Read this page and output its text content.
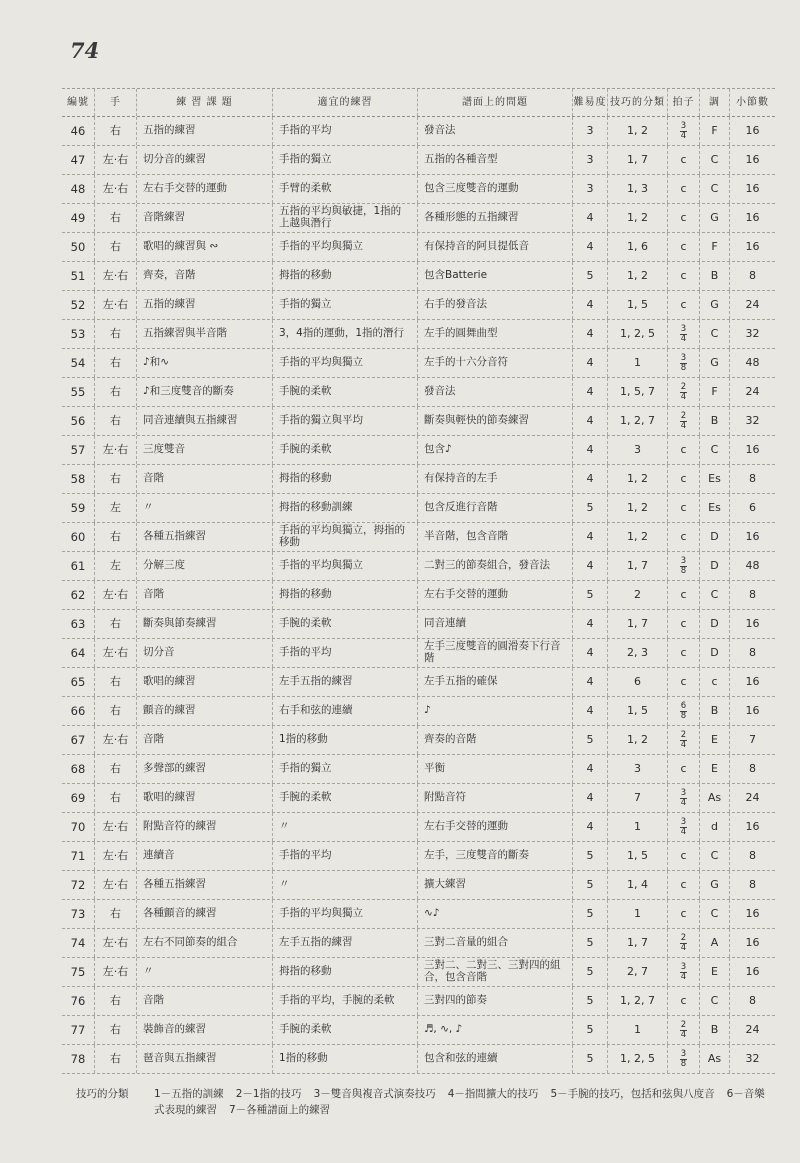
74
編號	手	練 習 課 題	適宜的練習	譜面上的問題	難易度 技巧的分類 拍子	調	小節數
46	右	五指的練習	手指的平均	發音法	3	1, 2	$\frac{3}{4}$	F	16
47	左·右	切分音的練習	手指的獨立	五指的各種音型	3	1, 7	c	C	16
48	左·右	左右手交替的運動	手臂的柔軟	包含三度雙音的運動	3	1, 3	c	C	16
49	右	音階練習	五指的平均與敏捷，1指的上越與潛行	各種形態的五指練習	4	1, 2	c	G	16
50	右	歌唱的練習與 ∾	手指的平均與獨立	有保持音的阿貝提低音	4	1, 6	c	F	16
51	左·右	齊奏，音階	拇指的移動	包含Batterie	5	1, 2	c	B	8
52	左·右	五指的練習	手指的獨立	右手的發音法	4	1, 5	c	G	24
53	右	五指練習與半音階	3，4指的運動，1指的潛行	左手的圓舞曲型	4	1, 2, 5	$\frac{3}{4}$	C	32
54	右	♪和∿	手指的平均與獨立	左手的十六分音符	4	1	$\frac{3}{8}$	G	48
55	右	♪和三度雙音的斷奏	手腕的柔軟	發音法	4	1, 5, 7	$\frac{2}{4}$	F	24
56	右	同音連續與五指練習	手指的獨立與平均	斷奏與輕快的節奏練習	4	1, 2, 7	$\frac{2}{4}$	B	32
57	左·右	三度雙音	手腕的柔軟	包含♪	4	3	c	C	16
58	右	音階	拇指的移動	有保持音的左手	4	1, 2	c	Es	8
59	左	〃	拇指的移動訓練	包含反進行音階	5	1, 2	c	Es	6
60	右	各種五指練習	手指的平均與獨立，拇指的移動	半音階，包含音階	4	1, 2	c	D	16
61	左	分解三度	手指的平均與獨立	二對三的節奏組合，發音法	4	1, 7	$\frac{3}{8}$	D	48
62	左·右	音階	拇指的移動	左右手交替的運動	5	2	c	C	8
63	右	斷奏與節奏練習	手腕的柔軟	同音連續	4	1, 7	c	D	16
64	左·右	切分音	手指的平均	左手三度雙音的圓滑奏下行音階	4	2, 3	c	D	8
65	右	歌唱的練習	左手五指的練習	左手五指的確保	4	6	c	c	16
66	右	顫音的練習	右手和弦的連續	♪	4	1, 5	$\frac{6}{8}$	B	16
67	左·右	音階	1指的移動	齊奏的音階	5	1, 2	$\frac{2}{4}$	E	7
68	右	多聲部的練習	手指的獨立	平衡	4	3	c	E	8
69	右	歌唱的練習	手腕的柔軟	附點音符	4	7	$\frac{3}{4}$	As	24
70	左·右	附點音符的練習	〃	左右手交替的運動	4	1	$\frac{3}{4}$	d	16
71	左·右	連續音	手指的平均	左手，三度雙音的斷奏	5	1, 5	c	C	8
72	左·右	各種五指練習	〃	擴大練習	5	1, 4	c	G	8
73	右	各種顫音的練習	手指的平均與獨立	∿♪	5	1	c	C	16
74	左·右	左右不同節奏的組合	左手五指的練習	三對二音量的組合	5	1, 7	$\frac{2}{4}$	A	16
75	左·右	〃	拇指的移動	三對二、二對三、三對四的組合，包含音階	5	2, 7	$\frac{3}{4}$	E	16
76	右	音階	手指的平均，手腕的柔軟	三對四的節奏	5	1, 2, 7	c	C	8
77	右	裝飾音的練習	手腕的柔軟	♬, ∿, ♪	5	1	$\frac{2}{4}$	B	24
78	右	琶音與五指練習	1指的移動	包含和弦的連續	5	1, 2, 5	$\frac{3}{8}$	As	32
技巧的分類	1－五指的訓練 2－1指的技巧 3－雙音與複音式演奏技巧 4－指間擴大的技巧 5－手腕的技巧，包括和弦與八度音 6－音樂式表現的練習 7－各種譜面上的練習
